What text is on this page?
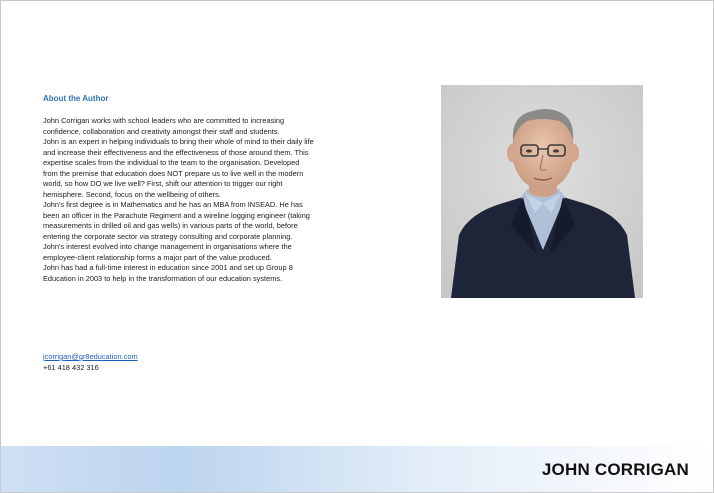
About the Author

John Corrigan works with school leaders who are committed to increasing confidence, collaboration and creativity amongst their staff and students.

John is an expert in helping individuals to bring their whole of mind to their daily life and increase their effectiveness and the effectiveness of those around them. This expertise scales from the individual to the team to the organisation. Developed from the premise that education does NOT prepare us to live well in the modern world, so how DO we live well? First, shift our attention to trigger our right hemisphere. Second, focus on the wellbeing of others.

John's first degree is in Mathematics and he has an MBA from INSEAD. He has been an officer in the Parachute Regiment and a wireline logging engineer (taking measurements in drilled oil and gas wells) in various parts of the world, before entering the corporate sector via strategy consulting and corporate planning.

John's interest evolved into change management in organisations where the employee-client relationship forms a major part of the value produced.

John has had a full-time interest in education since 2001 and set up Group 8 Education in 2003 to help in the transformation of our education systems.

jcorrigan@gr8education.com
+61 418 432 316
JOHN CORRIGAN
